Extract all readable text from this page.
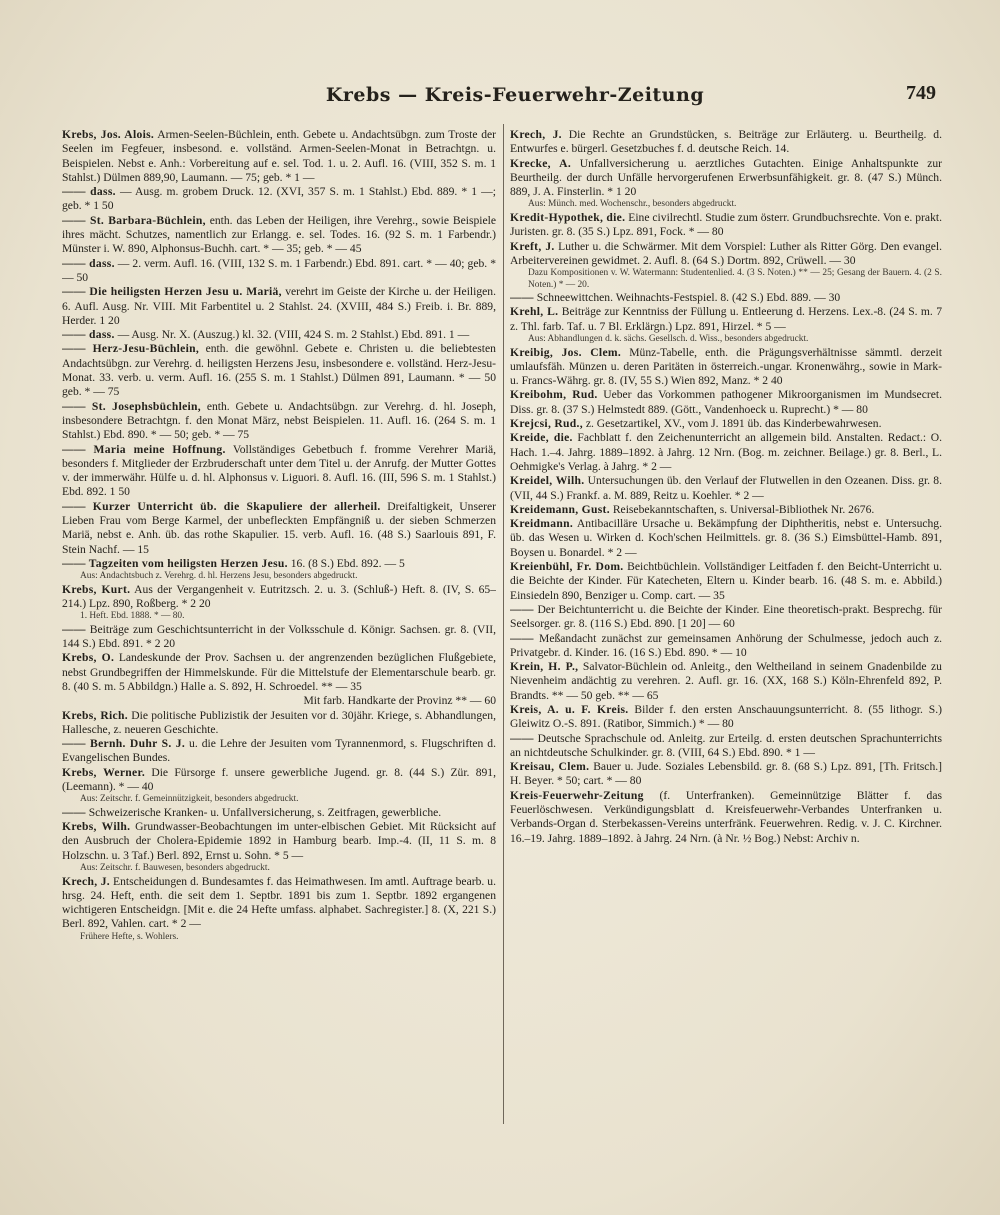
Krebs — Kreis-Feuerwehr-Zeitung	749

Krebs, Jos. Alois. Armen-Seelen-Büchlein, enth. Gebete u. Andachtsübgn. zum Troste der Seelen im Fegfeuer, insbesond. e. vollständ. Armen-Seelen-Monat in Betrachtgn. u. Beispielen. Nebst e. Anh.: Vorbereitung auf e. sel. Tod. 1. u. 2. Aufl. 16. (VIII, 352 S. m. 1 Stahlst.) Dülmen 889,90, Laumann. — 75; geb. * 1 —

—— dass. — Ausg. m. grobem Druck. 12. (XVI, 357 S. m. 1 Stahlst.) Ebd. 889. * 1 —; geb. * 1 50

—— St. Barbara-Büchlein, enth. das Leben der Heiligen, ihre Verehrg., sowie Beispiele ihres mächt. Schutzes, namentlich zur Erlangg. e. sel. Todes. 16. (92 S. m. 1 Farbendr.) Münster i. W. 890, Alphonsus-Buchh. cart. * — 35; geb. * — 45

—— dass. — 2. verm. Aufl. 16. (VIII, 132 S. m. 1 Farbendr.) Ebd. 891. cart. * — 40; geb. * — 50

—— Die heiligsten Herzen Jesu u. Mariä, verehrt im Geiste der Kirche u. der Heiligen. 6. Aufl. Ausg. Nr. VIII. Mit Farbentitel u. 2 Stahlst. 24. (XVIII, 484 S.) Freib. i. Br. 889, Herder. 1 20

—— dass. — Ausg. Nr. X. (Auszug.) kl. 32. (VIII, 424 S. m. 2 Stahlst.) Ebd. 891. 1 —

—— Herz-Jesu-Büchlein, enth. die gewöhnl. Gebete e. Christen u. die beliebtesten Andachtsübgn. zur Verehrg. d. heiligsten Herzens Jesu, insbesondere e. vollständ. Herz-Jesu-Monat. 33. verb. u. verm. Aufl. 16. (255 S. m. 1 Stahlst.) Dülmen 891, Laumann. * — 50 geb. * — 75

—— St. Josephsbüchlein, enth. Gebete u. Andachtsübgn. zur Verehrg. d. hl. Joseph, insbesondere Betrachtgn. f. den Monat März, nebst Beispielen. 11. Aufl. 16. (264 S. m. 1 Stahlst.) Ebd. 890. * — 50; geb. * — 75

—— Maria meine Hoffnung. Vollständiges Gebetbuch f. fromme Verehrer Mariä, besonders f. Mitglieder der Erzbruderschaft unter dem Titel u. der Anrufg. der Mutter Gottes v. der immerwähr. Hülfe u. d. hl. Alphonsus v. Liguori. 8. Aufl. 16. (III, 596 S. m. 1 Stahlst.) Ebd. 892. 1 50

—— Kurzer Unterricht üb. die Skapuliere der allerheil. Dreifaltigkeit, Unserer Lieben Frau vom Berge Karmel, der unbefleckten Empfängniß u. der sieben Schmerzen Mariä, nebst e. Anh. üb. das rothe Skapulier. 15. verb. Aufl. 16. (48 S.) Saarlouis 891, F. Stein Nachf. — 15

—— Tagzeiten vom heiligsten Herzen Jesu. 16. (8 S.) Ebd. 892. — 5
Aus: Andachtsbuch z. Verehrg. d. hl. Herzens Jesu, besonders abgedruckt.

Krebs, Kurt. Aus der Vergangenheit v. Eutritzsch. 2. u. 3. (Schluß-) Heft. 8. (IV, S. 65–214.) Lpz. 890, Roßberg. * 2 20
1. Heft. Ebd. 1888. * — 80.

—— Beiträge zum Geschichtsunterricht in der Volksschule d. Königr. Sachsen. gr. 8. (VII, 144 S.) Ebd. 891. * 2 20

Krebs, O. Landeskunde der Prov. Sachsen u. der angrenzenden bezüglichen Flußgebiete, nebst Grundbegriffen der Himmelskunde. Für die Mittelstufe der Elementarschule bearb. gr. 8. (40 S. m. 5 Abbildgn.) Halle a. S. 892, H. Schroedel. ** — 35
Mit farb. Handkarte der Provinz ** — 60

Krebs, Rich. Die politische Publizistik der Jesuiten vor d. 30jähr. Kriege, s. Abhandlungen, Hallesche, z. neueren Geschichte.

—— Bernh. Duhr S. J. u. die Lehre der Jesuiten vom Tyrannenmord, s. Flugschriften d. Evangelischen Bundes.

Krebs, Werner. Die Fürsorge f. unsere gewerbliche Jugend. gr. 8. (44 S.) Zür. 891, (Leemann). * — 40
Aus: Zeitschr. f. Gemeinnützigkeit, besonders abgedruckt.

—— Schweizerische Kranken- u. Unfallversicherung, s. Zeitfragen, gewerbliche.

Krebs, Wilh. Grundwasser-Beobachtungen im unter-elbischen Gebiet. Mit Rücksicht auf den Ausbruch der Cholera-Epidemie 1892 in Hamburg bearb. Imp.-4. (II, 11 S. m. 8 Holzschn. u. 3 Taf.) Berl. 892, Ernst u. Sohn. * 5 —
Aus: Zeitschr. f. Bauwesen, besonders abgedruckt.

Krech, J. Entscheidungen d. Bundesamtes f. das Heimathwesen. Im amtl. Auftrage bearb. u. hrsg. 24. Heft, enth. die seit dem 1. Septbr. 1891 bis zum 1. Septbr. 1892 ergangenen wichtigeren Entscheidgn. [Mit e. die 24 Hefte umfass. alphabet. Sachregister.] 8. (X, 221 S.) Berl. 892, Vahlen. cart. * 2 —
Frühere Hefte, s. Wohlers.

Krech, J. Die Rechte an Grundstücken, s. Beiträge zur Erläuterg. u. Beurtheilg. d. Entwurfes e. bürgerl. Gesetzbuches f. d. deutsche Reich. 14.

Krecke, A. Unfallversicherung u. aerztliches Gutachten. Einige Anhaltspunkte zur Beurtheilg. der durch Unfälle hervorgerufenen Erwerbsunfähigkeit. gr. 8. (47 S.) Münch. 889, J. A. Finsterlin. * 1 20
Aus: Münch. med. Wochenschr., besonders abgedruckt.

Kredit-Hypothek, die. Eine civilrechtl. Studie zum österr. Grundbuchsrechte. Von e. prakt. Juristen. gr. 8. (35 S.) Lpz. 891, Fock. * — 80

Kreft, J. Luther u. die Schwärmer. Mit dem Vorspiel: Luther als Ritter Görg. Den evangel. Arbeitervereinen gewidmet. 2. Aufl. 8. (64 S.) Dortm. 892, Crüwell. — 30
Dazu Kompositionen v. W. Watermann: Studentenlied. 4. (3 S. Noten.) ** — 25; Gesang der Bauern. 4. (2 S. Noten.) * — 20.

—— Schneewittchen. Weihnachts-Festspiel. 8. (42 S.) Ebd. 889. — 30

Krehl, L. Beiträge zur Kenntniss der Füllung u. Entleerung d. Herzens. Lex.-8. (24 S. m. 7 z. Thl. farb. Taf. u. 7 Bl. Erklärgn.) Lpz. 891, Hirzel. * 5 —
Aus: Abhandlungen d. k. sächs. Gesellsch. d. Wiss., besonders abgedruckt.

Kreibig, Jos. Clem. Münz-Tabelle, enth. die Prägungsverhältnisse sämmtl. derzeit umlaufsfäh. Münzen u. deren Paritäten in österreich.-ungar. Kronenwährg., sowie in Mark- u. Francs-Währg. gr. 8. (IV, 55 S.) Wien 892, Manz. * 2 40

Kreibohm, Rud. Ueber das Vorkommen pathogener Mikroorganismen im Mundsecret. Diss. gr. 8. (37 S.) Helmstedt 889. (Gött., Vandenhoeck u. Ruprecht.) * — 80

Krejcsi, Rud., z. Gesetzartikel, XV., vom J. 1891 üb. das Kinderbewahrwesen.

Kreide, die. Fachblatt f. den Zeichenunterricht an allgemein bild. Anstalten. Redact.: O. Hach. 1.–4. Jahrg. 1889–1892. à Jahrg. 12 Nrn. (Bog. m. zeichner. Beilage.) gr. 8. Berl., L. Oehmigke's Verlag. à Jahrg. * 2 —

Kreidel, Wilh. Untersuchungen üb. den Verlauf der Flutwellen in den Ozeanen. Diss. gr. 8. (VII, 44 S.) Frankf. a. M. 889, Reitz u. Koehler. * 2 —

Kreidemann, Gust. Reisebekanntschaften, s. Universal-Bibliothek Nr. 2676.

Kreidmann. Antibacilläre Ursache u. Bekämpfung der Diphtheritis, nebst e. Untersuchg. üb. das Wesen u. Wirken d. Koch'schen Heilmittels. gr. 8. (36 S.) Eimsbüttel-Hamb. 891, Boysen u. Bonardel. * 2 —

Kreienbühl, Fr. Dom. Beichtbüchlein. Vollständiger Leitfaden f. den Beicht-Unterricht u. die Beichte der Kinder. Für Katecheten, Eltern u. Kinder bearb. 16. (48 S. m. e. Abbild.) Einsiedeln 890, Benziger u. Comp. cart. — 35

—— Der Beichtunterricht u. die Beichte der Kinder. Eine theoretisch-prakt. Besprechg. für Seelsorger. gr. 8. (116 S.) Ebd. 890. [1 20] — 60

—— Meßandacht zunächst zur gemeinsamen Anhörung der Schulmesse, jedoch auch z. Privatgebr. d. Kinder. 16. (16 S.) Ebd. 890. * — 10

Krein, H. P., Salvator-Büchlein od. Anleitg., den Weltheiland in seinem Gnadenbilde zu Nievenheim andächtig zu verehren. 2. Aufl. gr. 16. (XX, 168 S.) Köln-Ehrenfeld 892, P. Brandts. ** — 50 geb. ** — 65

Kreis, A. u. F. Kreis. Bilder f. den ersten Anschauungsunterricht. 8. (55 lithogr. S.) Gleiwitz O.-S. 891. (Ratibor, Simmich.) * — 80

—— Deutsche Sprachschule od. Anleitg. zur Erteilg. d. ersten deutschen Sprachunterrichts an nichtdeutsche Schulkinder. gr. 8. (VIII, 64 S.) Ebd. 890. * 1 —

Kreisau, Clem. Bauer u. Jude. Soziales Lebensbild. gr. 8. (68 S.) Lpz. 891, [Th. Fritsch.] H. Beyer. * 50; cart. * — 80

Kreis-Feuerwehr-Zeitung (f. Unterfranken). Gemeinnützige Blätter f. das Feuerlöschwesen. Verkündigungsblatt d. Kreisfeuerwehr-Verbandes Unterfranken u. Verbands-Organ d. Sterbekassen-Vereins unterfränk. Feuerwehren. Redig. v. J. C. Kirchner. 16.–19. Jahrg. 1889–1892. à Jahrg. 24 Nrn. (à Nr. ½ Bog.) Nebst: Archiv n.
